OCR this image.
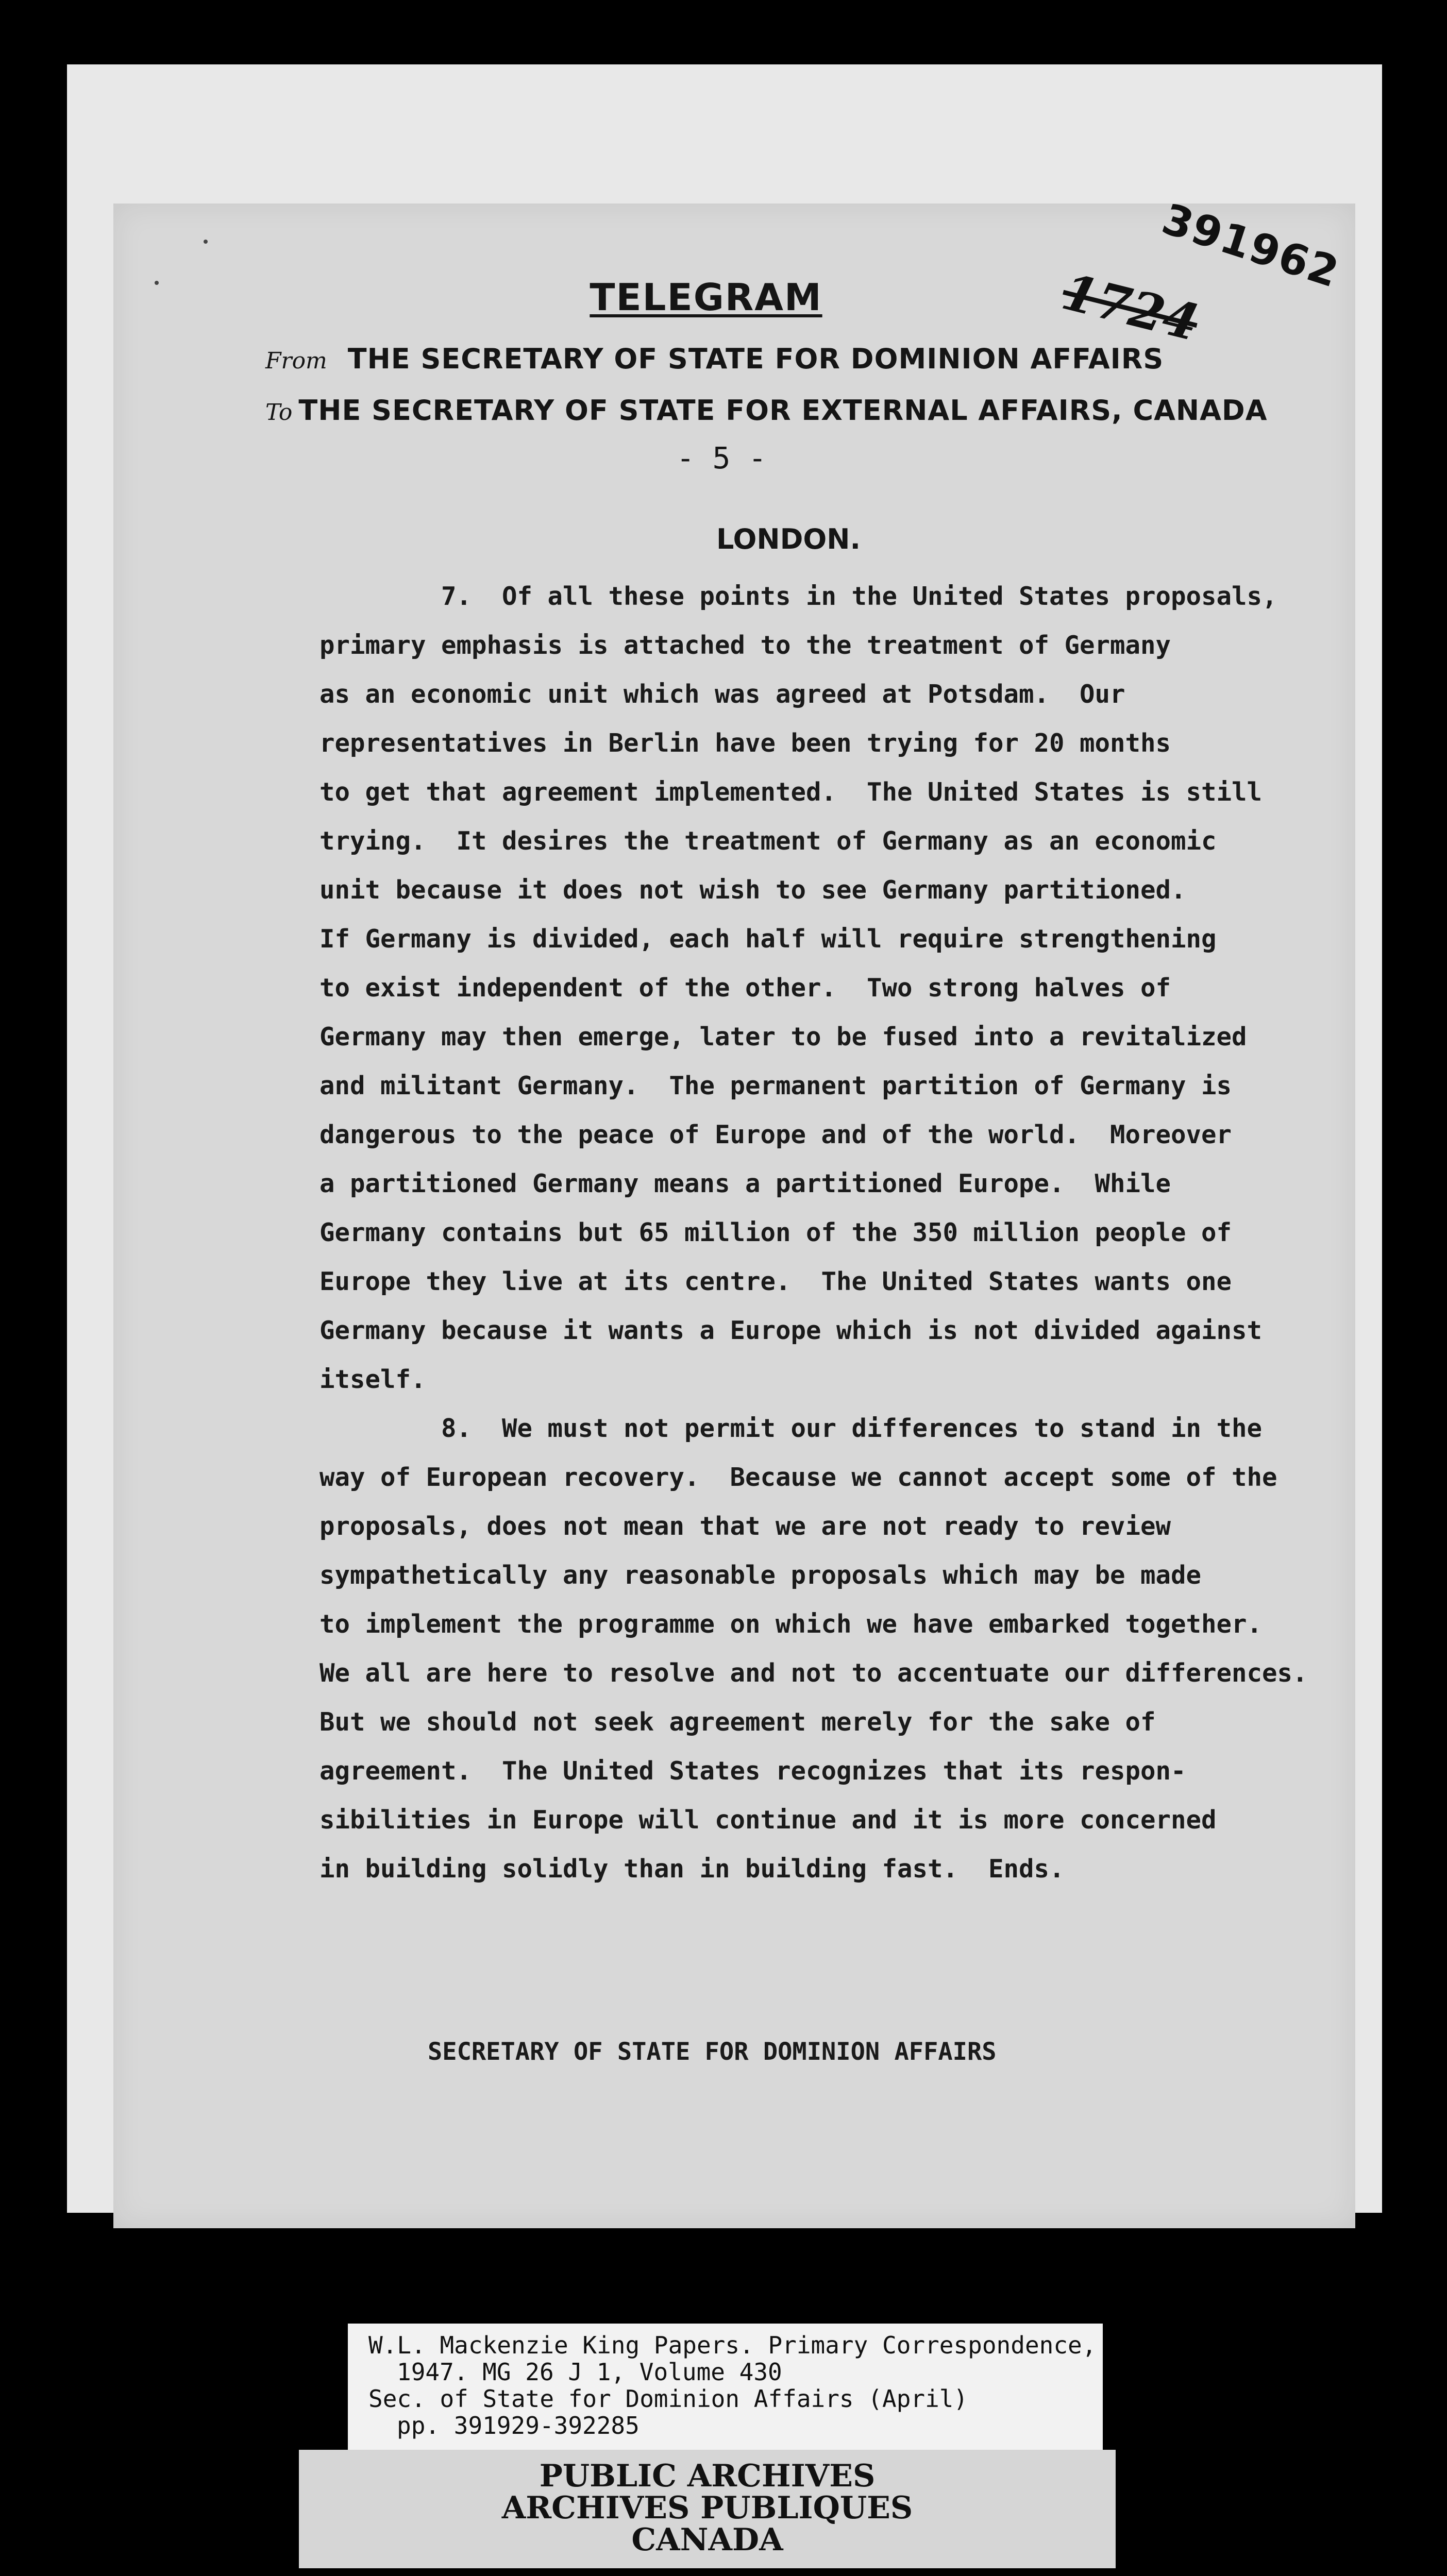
391962
1724
TELEGRAM
From THE SECRETARY OF STATE FOR DOMINION AFFAIRS
To THE SECRETARY OF STATE FOR EXTERNAL AFFAIRS, CANADA
- 5 -
LONDON.
7.  Of all these points in the United States proposals,
primary emphasis is attached to the treatment of Germany
as an economic unit which was agreed at Potsdam.  Our
representatives in Berlin have been trying for 20 months
to get that agreement implemented.  The United States is still
trying.  It desires the treatment of Germany as an economic
unit because it does not wish to see Germany partitioned.
If Germany is divided, each half will require strengthening
to exist independent of the other.  Two strong halves of
Germany may then emerge, later to be fused into a revitalized
and militant Germany.  The permanent partition of Germany is
dangerous to the peace of Europe and of the world.  Moreover
a partitioned Germany means a partitioned Europe.  While
Germany contains but 65 million of the 350 million people of
Europe they live at its centre.  The United States wants one
Germany because it wants a Europe which is not divided against
itself.
8.  We must not permit our differences to stand in the
way of European recovery.  Because we cannot accept some of the
proposals, does not mean that we are not ready to review
sympathetically any reasonable proposals which may be made
to implement the programme on which we have embarked together.
We all are here to resolve and not to accentuate our differences.
But we should not seek agreement merely for the sake of
agreement.  The United States recognizes that its respon-
sibilities in Europe will continue and it is more concerned
in building solidly than in building fast.  Ends.
SECRETARY OF STATE FOR DOMINION AFFAIRS
W.L. Mackenzie King Papers. Primary Correspondence,
1947. MG 26 J 1, Volume 430
Sec. of State for Dominion Affairs (April)
pp. 391929-392285
PUBLIC ARCHIVES
ARCHIVES PUBLIQUES
CANADA
